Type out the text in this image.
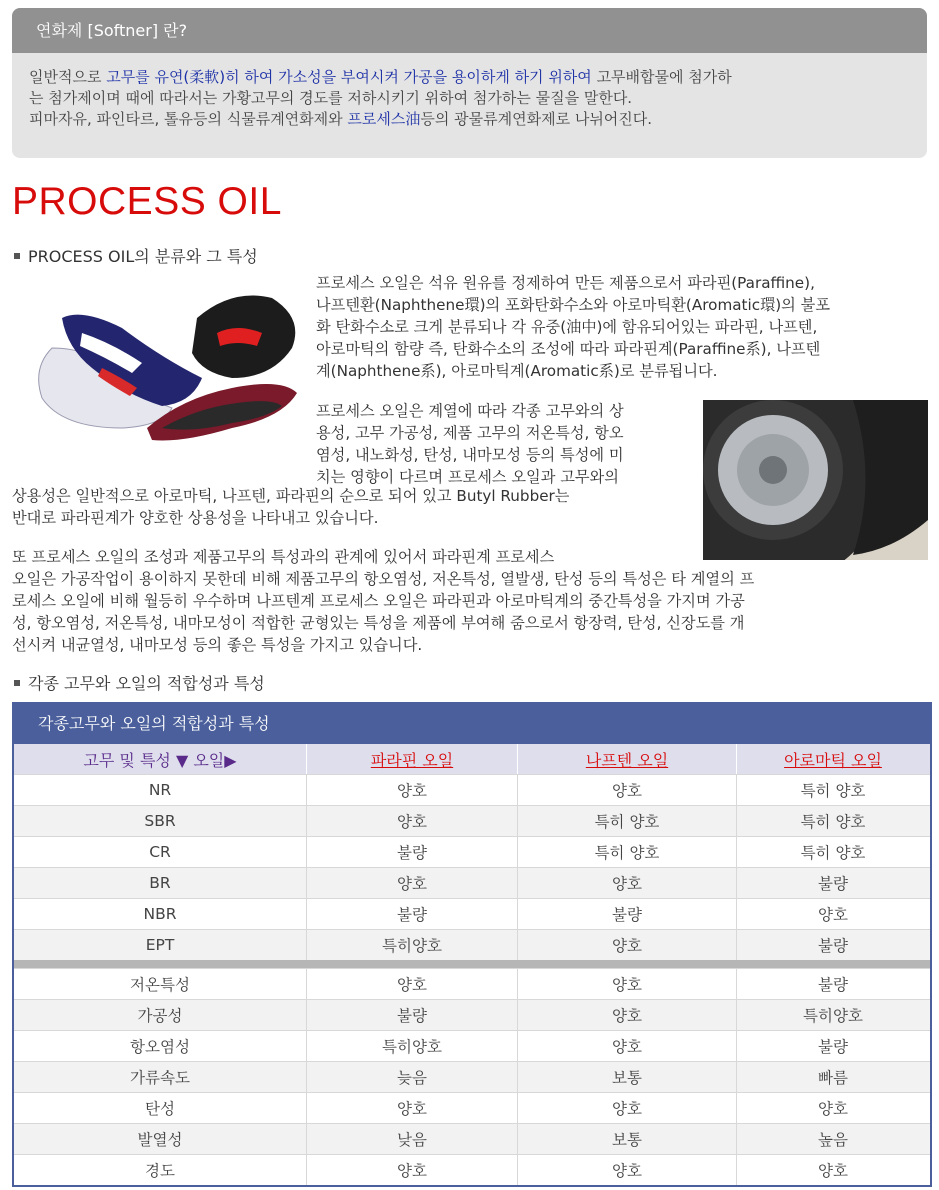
연화제 [Softner] 란?
일반적으로 고무를 유연(柔軟)히 하여 가소성을 부여시켜 가공을 용이하게 하기 위하여 고무배합물에 첨가하
는 첨가제이며 때에 따라서는 가황고무의 경도를 저하시키기 위하여 첨가하는 물질을 말한다.
피마자유, 파인타르, 톨유등의 식물류계연화제와 프로세스油등의 광물류계연화제로 나뉘어진다.
PROCESS OIL
PROCESS OIL의 분류와 그 특성
프로세스 오일은 석유 원유를 정제하여 만든 제품으로서 파라핀(Paraffine),
나프텐환(Naphthene環)의 포화탄화수소와 아로마틱환(Aromatic環)의 불포
화 탄화수소로 크게 분류되나 각 유중(油中)에 함유되어있는 파라핀, 나프텐,
아로마틱의 함량 즉, 탄화수소의 조성에 따라 파라핀계(Paraffine系), 나프텐
계(Naphthene系), 아로마틱계(Aromatic系)로 분류됩니다.
프로세스 오일은 계열에 따라 각종 고무와의 상
용성, 고무 가공성, 제품 고무의 저온특성, 항오
염성, 내노화성, 탄성, 내마모성 등의 특성에 미
치는 영향이 다르며 프로세스 오일과 고무와의
상용성은 일반적으로 아로마틱, 나프텐, 파라핀의 순으로 되어 있고 Butyl Rubber는
반대로 파라핀계가 양호한 상용성을 나타내고 있습니다.
또 프로세스 오일의 조성과 제품고무의 특성과의 관계에 있어서 파라핀계 프로세스
오일은 가공작업이 용이하지 못한데 비해 제품고무의 항오염성, 저온특성, 열발생, 탄성 등의 특성은 타 계열의 프
로세스 오일에 비해 월등히 우수하며 나프텐계 프로세스 오일은 파라핀과 아로마틱계의 중간특성을 가지며 가공
성, 항오염성, 저온특성, 내마모성이 적합한 균형있는 특성을 제품에 부여해 줌으로서 항장력, 탄성, 신장도를 개
선시켜 내균열성, 내마모성 등의 좋은 특성을 가지고 있습니다.
각종 고무와 오일의 적합성과 특성
각종고무와 오일의 적합성과 특성
고무 및 특성 ▼ 오일▶	파라핀 오일	나프텐 오일	아로마틱 오일
NR	양호	양호	특히 양호
SBR	양호	특히 양호	특히 양호
CR	불량	특히 양호	특히 양호
BR	양호	양호	불량
NBR	불량	불량	양호
EPT	특히양호	양호	불량
저온특성	양호	양호	불량
가공성	불량	양호	특히양호
항오염성	특히양호	양호	불량
가류속도	늦음	보통	빠름
탄성	양호	양호	양호
발열성	낮음	보통	높음
경도	양호	양호	양호
